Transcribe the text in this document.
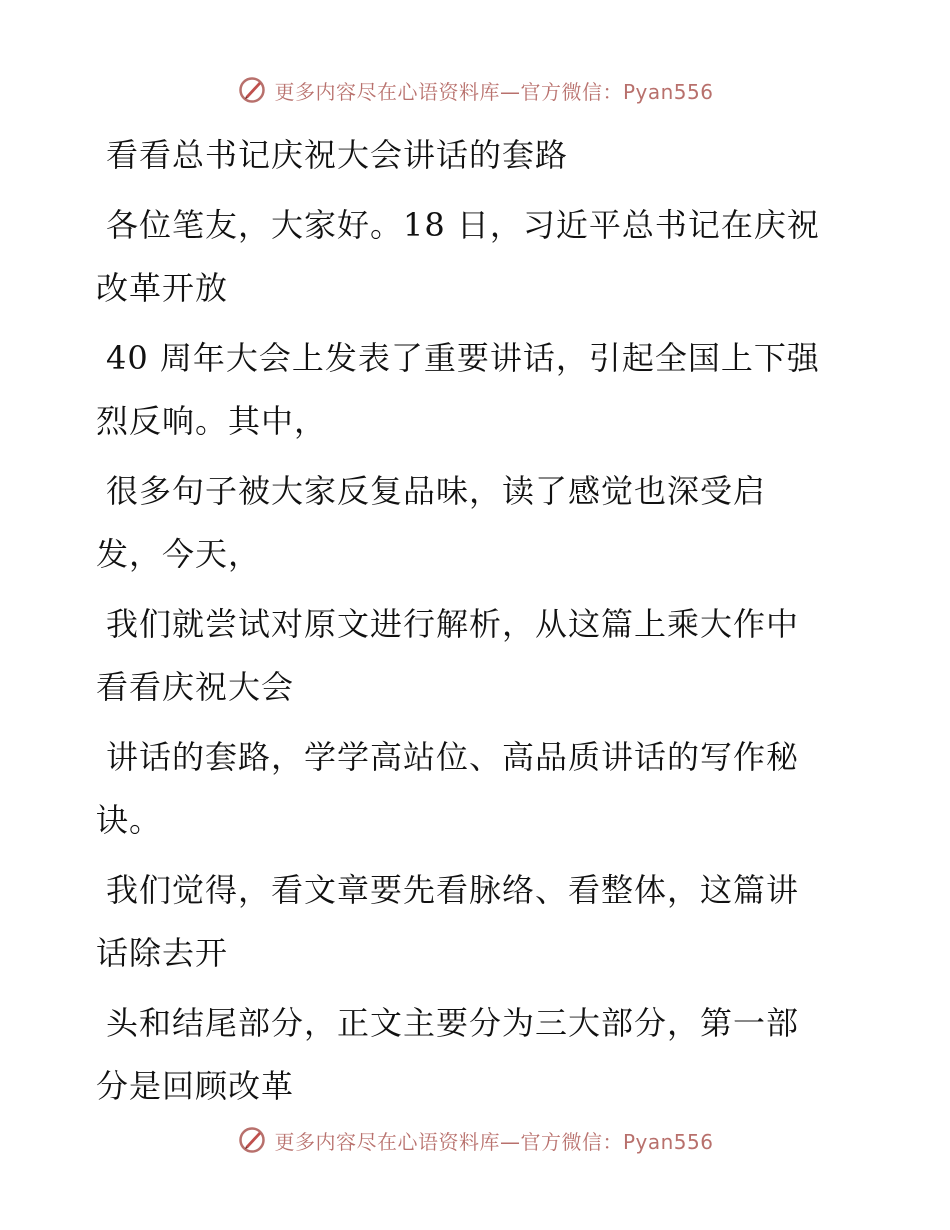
更多内容尽在心语资料库—官方微信：Pyan556
看看总书记庆祝大会讲话的套路
各位笔友，大家好。18 日，习近平总书记在庆祝
改革开放
40 周年大会上发表了重要讲话，引起全国上下强
烈反响。其中，
很多句子被大家反复品味，读了感觉也深受启
发，今天，
我们就尝试对原文进行解析，从这篇上乘大作中
看看庆祝大会
讲话的套路，学学高站位、高品质讲话的写作秘
诀。
我们觉得，看文章要先看脉络、看整体，这篇讲
话除去开
头和结尾部分，正文主要分为三大部分，第一部
分是回顾改革
更多内容尽在心语资料库—官方微信：Pyan556
